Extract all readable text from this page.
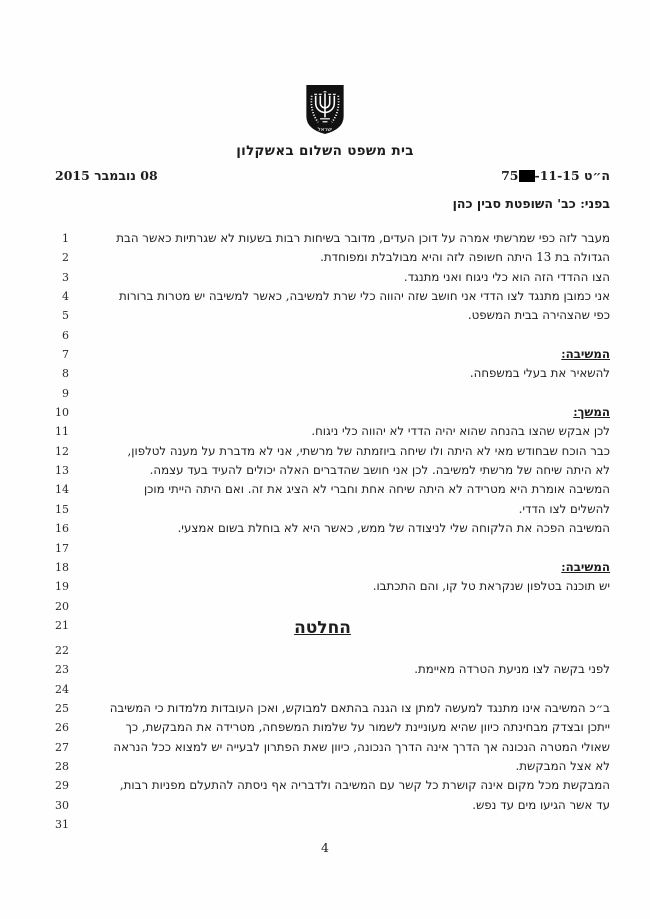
ישראל
בית משפט השלום באשקלון
ה״ט 75 -11-15
08 נובמבר 2015
בפני: כב' השופטת סבין כהן
1	מעבר לזה כפי שמרשתי אמרה על דוכן העדים, מדובר בשיחות רבות בשעות לא שגרתיות כאשר הבת
2	הגדולה בת 13 היתה חשופה לזה והיא מבולבלת ומפוחדת.
3	הצו ההדדי הזה הוא כלי ניגוח ואני מתנגד.
4	אני כמובן מתנגד לצו הדדי אני חושב שזה יהווה כלי שרת למשיבה, כאשר למשיבה יש מטרות ברורות
5	כפי שהצהירה בבית המשפט.
6
7	המשיבה:
8	להשאיר את בעלי במשפחה.
9
10	המשך:
11	לכן אבקש שהצו בהנחה שהוא יהיה הדדי לא יהווה כלי ניגוח.
12	כבר הוכח שבחודש מאי לא היתה ולו שיחה ביוזמתה של מרשתי, אני לא מדברת על מענה לטלפון,
13	לא היתה שיחה של מרשתי למשיבה. לכן אני חושב שהדברים האלה יכולים להעיד בעד עצמה.
14	המשיבה אומרת היא מטרידה לא היתה שיחה אחת וחברי לא הציג את זה. ואם היתה הייתי מוכן
15	להשלים לצו הדדי.
16	המשיבה הפכה את הלקוחה שלי לניצודה של ממש, כאשר היא לא בוחלת בשום אמצעי.
17
18	המשיבה:
19	יש תוכנה בטלפון שנקראת טל קו, והם התכתבו.
20
21	החלטה
22
23	לפני בקשה לצו מניעת הטרדה מאיימת.
24
25	ב״כ המשיבה אינו מתנגד למעשה למתן צו הגנה בהתאם למבוקש, ואכן העובדות מלמדות כי המשיבה
26	ייתכן ובצדק מבחינתה כיוון שהיא מעוניינת לשמור על שלמות המשפחה, מטרידה את המבקשת, כך
27	שאולי המטרה הנכונה אך הדרך אינה הדרך הנכונה, כיוון שאת הפתרון לבעייה יש למצוא ככל הנראה
28	לא אצל המבקשת.
29	המבקשת מכל מקום אינה קושרת כל קשר עם המשיבה ולדבריה אף ניסתה להתעלם מפניות רבות,
30	עד אשר הגיעו מים עד נפש.
31
4
